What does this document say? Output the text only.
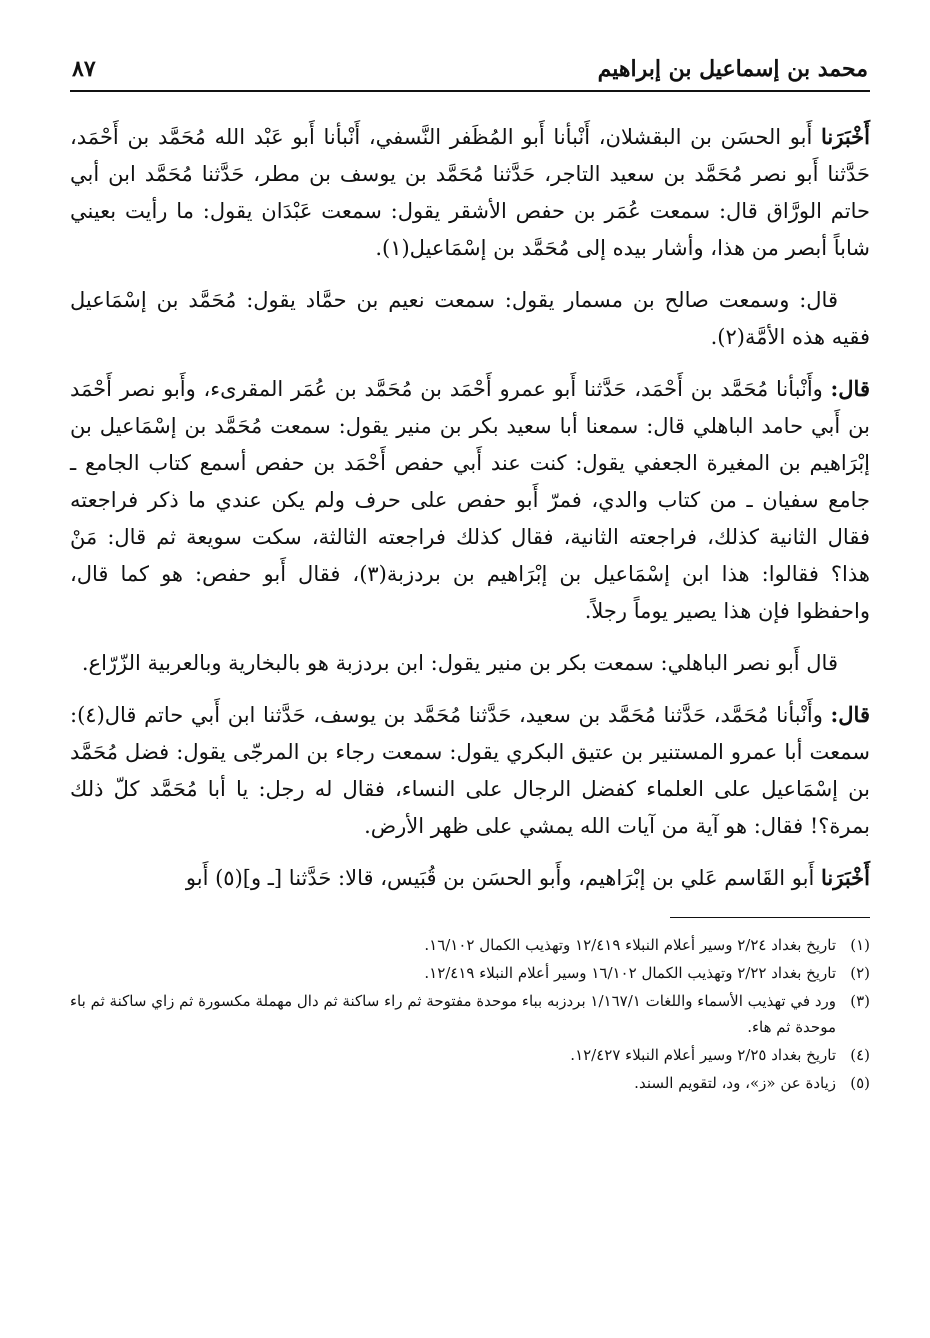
محمد بن إسماعيل بن إبراهيم
٨٧

أَخْبَرَنا أَبو الحسَن بن البقشلان، أَنْبأنا أَبو المُظَفر النَّسفي، أَنْبأنا أَبو عَبْد الله مُحَمَّد بن أَحْمَد، حَدَّثنا أَبو نصر مُحَمَّد بن سعيد التاجر، حَدَّثنا مُحَمَّد بن يوسف بن مطر، حَدَّثنا مُحَمَّد ابن أبي حاتم الورَّاق قال: سمعت عُمَر بن حفص الأشقر يقول: سمعت عَبْدَان يقول: ما رأيت بعيني شاباً أبصر من هذا، وأشار بيده إلى مُحَمَّد بن إسْمَاعيل(١).

قال: وسمعت صالح بن مسمار يقول: سمعت نعيم بن حمَّاد يقول: مُحَمَّد بن إسْمَاعيل فقيه هذه الأمَّة(٢).

قال: وأَنْبأنا مُحَمَّد بن أَحْمَد، حَدَّثنا أَبو عمرو أَحْمَد بن مُحَمَّد بن عُمَر المقرىء، وأَبو نصر أَحْمَد بن أَبي حامد الباهلي قال: سمعنا أبا سعيد بكر بن منير يقول: سمعت مُحَمَّد بن إسْمَاعيل بن إبْرَاهيم بن المغيرة الجعفي يقول: كنت عند أَبي حفص أَحْمَد بن حفص أسمع كتاب الجامع ـ جامع سفيان ـ من كتاب والدي، فمرّ أَبو حفص على حرف ولم يكن عندي ما ذكر فراجعته فقال الثانية كذلك، فراجعته الثانية، فقال كذلك فراجعته الثالثة، سكت سويعة ثم قال: مَنْ هذا؟ فقالوا: هذا ابن إسْمَاعيل بن إبْرَاهيم بن بردزبة(٣)، فقال أَبو حفص: هو كما قال، واحفظوا فإن هذا يصير يوماً رجلاً.

قال أَبو نصر الباهلي: سمعت بكر بن منير يقول: ابن بردزبة هو بالبخارية وبالعربية الزّرّاع.

قال: وأَنْبأنا مُحَمَّد، حَدَّثنا مُحَمَّد بن سعيد، حَدَّثنا مُحَمَّد بن يوسف، حَدَّثنا ابن أَبي حاتم قال(٤): سمعت أبا عمرو المستنير بن عتيق البكري يقول: سمعت رجاء بن المرجّى يقول: فضل مُحَمَّد بن إسْمَاعيل على العلماء كفضل الرجال على النساء، فقال له رجل: يا أبا مُحَمَّد كلّ ذلك بمرة؟! فقال: هو آية من آيات الله يمشي على ظهر الأرض.

أَخْبَرَنا أَبو القَاسم عَلي بن إبْرَاهيم، وأَبو الحسَن بن قُبَيس، قالا: حَدَّثنا [ـ و](٥) أَبو

(١)
تاريخ بغداد ٢/٢٤ وسير أعلام النبلاء ١٢/٤١٩ وتهذيب الكمال ١٦/١٠٢.
(٢)
تاريخ بغداد ٢/٢٢ وتهذيب الكمال ١٦/١٠٢ وسير أعلام النبلاء ١٢/٤١٩.
(٣)
ورد في تهذيب الأسماء واللغات ١/١٦٧/١ بردزبه بباء موحدة مفتوحة ثم راء ساكنة ثم دال مهملة مكسورة ثم زاي ساكنة ثم باء موحدة ثم هاء.
(٤)
تاريخ بغداد ٢/٢٥ وسير أعلام النبلاء ١٢/٤٢٧.
(٥)
زيادة عن «ز»، ود، لتقويم السند.
